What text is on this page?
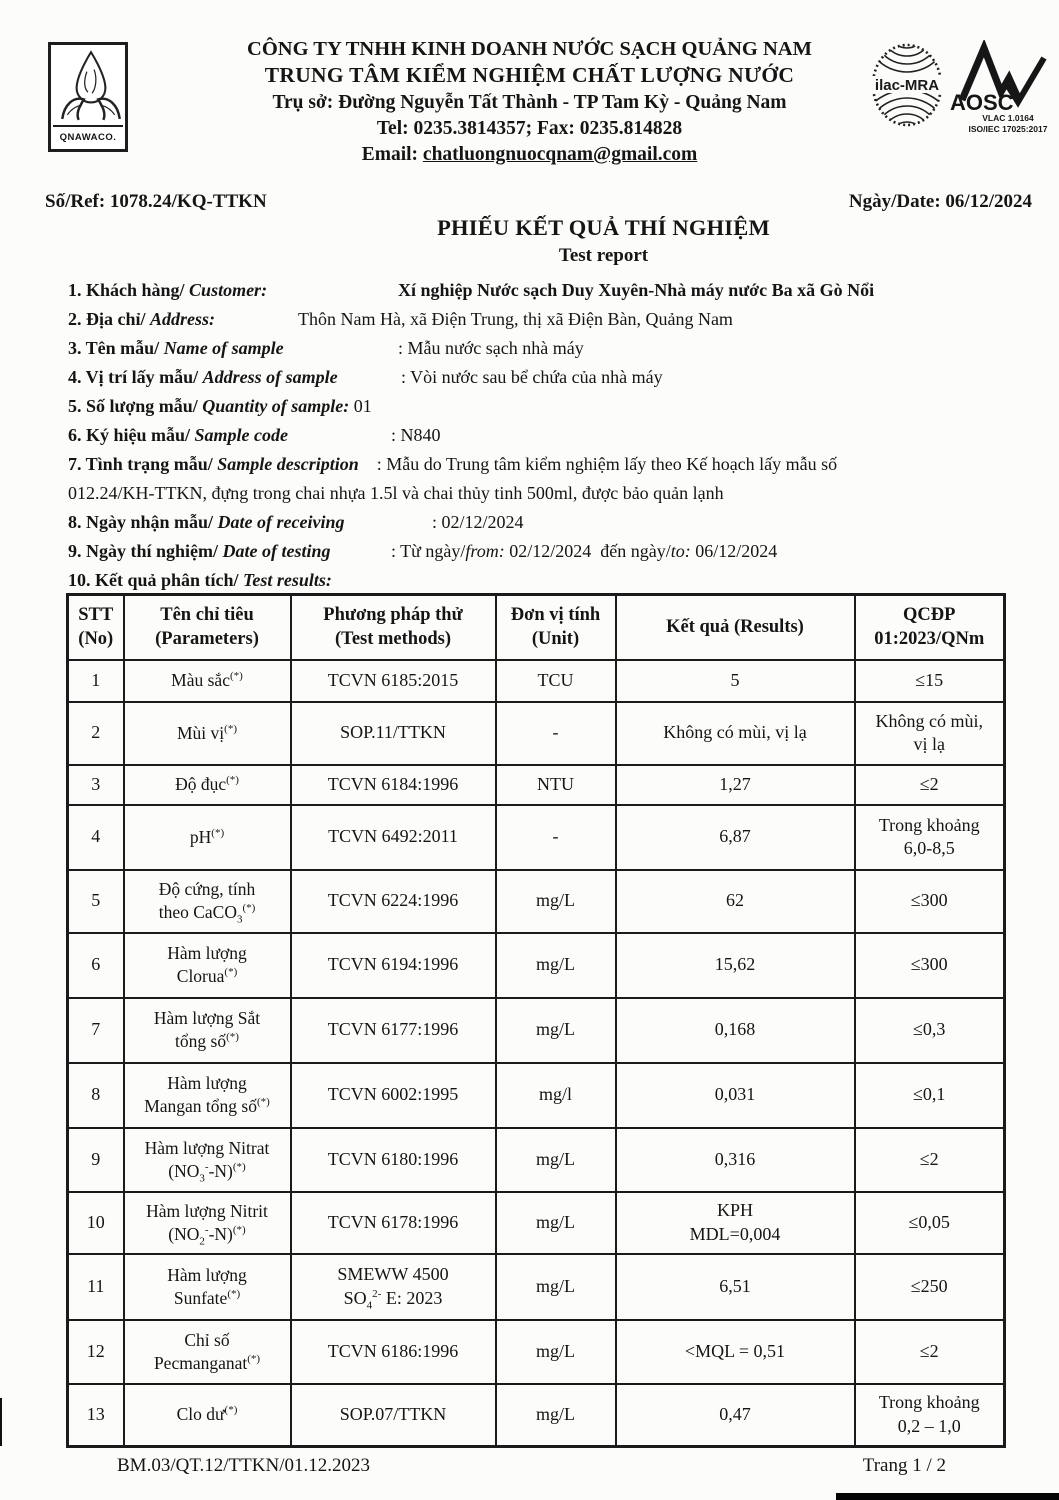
QNAWACO.
CÔNG TY TNHH KINH DOANH NƯỚC SẠCH QUẢNG NAM
TRUNG TÂM KIỂM NGHIỆM CHẤT LƯỢNG NƯỚC
Trụ sở: Đường Nguyễn Tất Thành - TP Tam Kỳ - Quảng Nam
Tel: 0235.3814357; Fax: 0235.814828
Email: chatluongnuocqnam@gmail.com
ilac-MRA
AOSC
VLAC 1.0164
ISO/IEC 17025:2017
Số/Ref: 1078.24/KQ-TTKN	Ngày/Date: 06/12/2024
PHIẾU KẾT QUẢ THÍ NGHIỆM
Test report
1. Khách hàng/ Customer:	Xí nghiệp Nước sạch Duy Xuyên-Nhà máy nước Ba xã Gò Nổi
2. Địa chỉ/ Address:	Thôn Nam Hà, xã Điện Trung, thị xã Điện Bàn, Quảng Nam
3. Tên mẫu/ Name of sample	: Mẫu nước sạch nhà máy
4. Vị trí lấy mẫu/ Address of sample	: Vòi nước sau bể chứa của nhà máy
5. Số lượng mẫu/ Quantity of sample: 01
6. Ký hiệu mẫu/ Sample code	: N840
7. Tình trạng mẫu/ Sample description : Mẫu do Trung tâm kiểm nghiệm lấy theo Kế hoạch lấy mẫu số
012.24/KH-TTKN, đựng trong chai nhựa 1.5l và chai thủy tinh 500ml, được bảo quản lạnh
8. Ngày nhận mẫu/ Date of receiving	: 02/12/2024
9. Ngày thí nghiệm/ Date of testing	: Từ ngày/from: 02/12/2024  đến ngày/to: 06/12/2024
10. Kết quả phân tích/ Test results:
STT
(No)	Tên chỉ tiêu
(Parameters)	Phương pháp thử
(Test methods)	Đơn vị tính
(Unit)	Kết quả (Results)	QCĐP
01:2023/QNm
1	Màu sắc(*)	TCVN 6185:2015	TCU	5	≤15
2	Mùi vị(*)	SOP.11/TTKN	-	Không có mùi, vị lạ	Không có mùi,
vị lạ
3	Độ đục(*)	TCVN 6184:1996	NTU	1,27	≤2
4	pH(*)	TCVN 6492:2011	-	6,87	Trong khoảng
6,0-8,5
5	Độ cứng, tính
theo CaCO$_3$(*)	TCVN 6224:1996	mg/L	62	≤300
6	Hàm lượng
Clorua(*)	TCVN 6194:1996	mg/L	15,62	≤300
7	Hàm lượng Sắt
tổng số(*)	TCVN 6177:1996	mg/L	0,168	≤0,3
8	Hàm lượng
Mangan tổng số(*)	TCVN 6002:1995	mg/l	0,031	≤0,1
9	Hàm lượng Nitrat
$(NO_3^--N)^{(*)}$	TCVN 6180:1996	mg/L	0,316	≤2
10	Hàm lượng Nitrit
$(NO_2^--N)^{(*)}$	TCVN 6178:1996	mg/L	KPH
MDL=0,004	≤0,05
11	Hàm lượng
Sunfate(*)	SMEWW 4500
$SO_4^{2-}$ E: 2023	mg/L	6,51	≤250
12	Chỉ số
Pecmanganat(*)	TCVN 6186:1996	mg/L	<MQL = 0,51	≤2
13	Clo dư(*)	SOP.07/TTKN	mg/L	0,47	Trong khoảng
0,2 – 1,0
BM.03/QT.12/TTKN/01.12.2023	Trang 1 / 2
